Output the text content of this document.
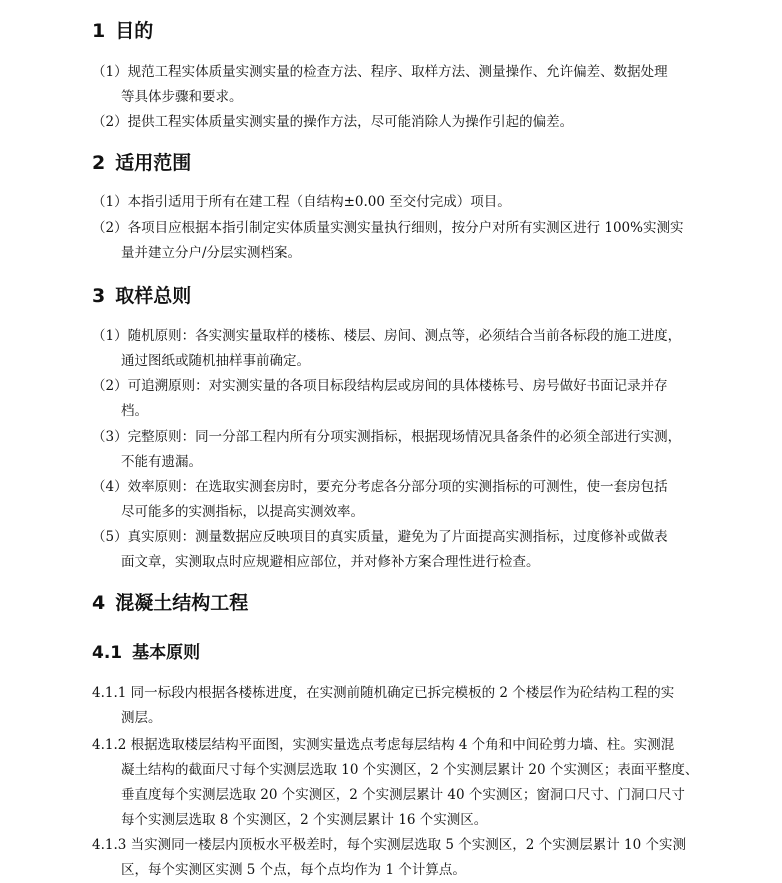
1 目的
（1）规范工程实体质量实测实量的检查方法、程序、取样方法、测量操作、允许偏差、数据处理
等具体步骤和要求。
（2）提供工程实体质量实测实量的操作方法，尽可能消除人为操作引起的偏差。
2 适用范围
（1）本指引适用于所有在建工程（自结构±0.00 至交付完成）项目。
（2）各项目应根据本指引制定实体质量实测实量执行细则，按分户对所有实测区进行 100%实测实
量并建立分户/分层实测档案。
3 取样总则
（1）随机原则：各实测实量取样的楼栋、楼层、房间、测点等，必须结合当前各标段的施工进度，
通过图纸或随机抽样事前确定。
（2）可追溯原则：对实测实量的各项目标段结构层或房间的具体楼栋号、房号做好书面记录并存
档。
（3）完整原则：同一分部工程内所有分项实测指标，根据现场情况具备条件的必须全部进行实测，
不能有遗漏。
（4）效率原则：在选取实测套房时，要充分考虑各分部分项的实测指标的可测性，使一套房包括
尽可能多的实测指标，以提高实测效率。
（5）真实原则：测量数据应反映项目的真实质量，避免为了片面提高实测指标，过度修补或做表
面文章，实测取点时应规避相应部位，并对修补方案合理性进行检查。
4 混凝土结构工程
4.1 基本原则
4.1.1 同一标段内根据各楼栋进度，在实测前随机确定已拆完模板的 2 个楼层作为砼结构工程的实
测层。
4.1.2 根据选取楼层结构平面图，实测实量选点考虑每层结构 4 个角和中间砼剪力墙、柱。实测混
凝土结构的截面尺寸每个实测层选取 10 个实测区，2 个实测层累计 20 个实测区；表面平整度、
垂直度每个实测层选取 20 个实测区，2 个实测层累计 40 个实测区；窗洞口尺寸、门洞口尺寸
每个实测层选取 8 个实测区，2 个实测层累计 16 个实测区。
4.1.3 当实测同一楼层内顶板水平极差时，每个实测层选取 5 个实测区，2 个实测层累计 10 个实测
区，每个实测区实测 5 个点，每个点均作为 1 个计算点。
